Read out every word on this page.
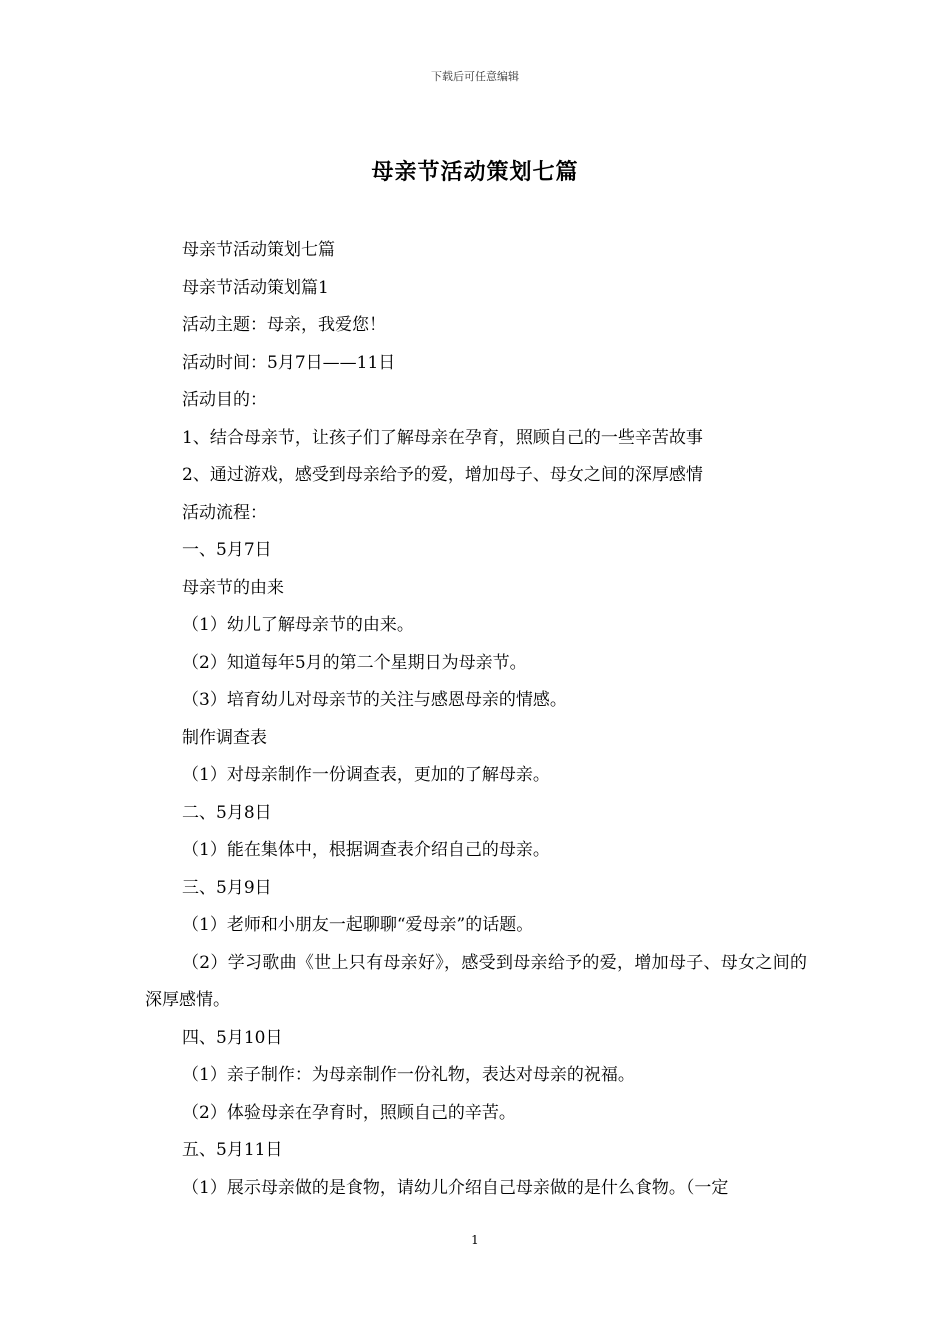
下载后可任意编辑
母亲节活动策划七篇

母亲节活动策划七篇

母亲节活动策划篇1

活动主题：母亲，我爱您！

活动时间：5月7日——11日

活动目的：

1、结合母亲节，让孩子们了解母亲在孕育，照顾自己的一些辛苦故事

2、通过游戏，感受到母亲给予的爱，增加母子、母女之间的深厚感情

活动流程：

一、5月7日

母亲节的由来

（1）幼儿了解母亲节的由来。

（2）知道每年5月的第二个星期日为母亲节。

（3）培育幼儿对母亲节的关注与感恩母亲的情感。

制作调查表

（1）对母亲制作一份调查表，更加的了解母亲。

二、5月8日

（1）能在集体中，根据调查表介绍自己的母亲。

三、5月9日

（1）老师和小朋友一起聊聊“爱母亲”的话题。

（2）学习歌曲《世上只有母亲好》，感受到母亲给予的爱，增加母子、母女之间的深厚感情。

四、5月10日

（1）亲子制作：为母亲制作一份礼物，表达对母亲的祝福。

（2）体验母亲在孕育时，照顾自己的辛苦。

五、5月11日

（1）展示母亲做的是食物，请幼儿介绍自己母亲做的是什么食物。（一定

1
